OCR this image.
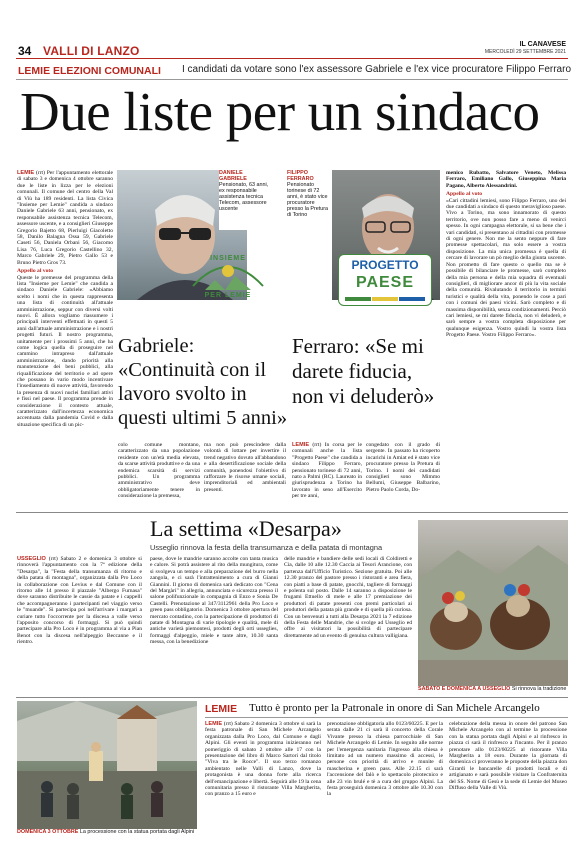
34 VALLI DI LANZO	IL CANAVESE
MERCOLEDÌ 29 SETTEMBRE 2021
LEMIE ELEZIONI COMUNALI I candidati da votare sono l'ex assessore Gabriele e l'ex vice procuratore Filippo Ferraro
Due liste per un sindaco
LEMIE (rrt) Per l'appuntamento elettorale di sabato 3 e domenica 4 ottobre saranno due le liste in lizza per le elezioni comunali. Il comune del centro della Val di Viù ha 189 residenti. La lista Civica "Insieme per Lemie" candida a sindaco Daniele Gabriele 63 anni, pensionato, ex responsabile assistenza tecnica Telecom, assessore uscente, e a consiglieri Giuseppe Gregorio Bajetto 68, Pierluigi Giacoletto 58, Danilo Balagna Ossa 59, Gabriele Caseti 56, Daniela Orbani 56, Giacomo Lisa 76, Luca Gregorio Castellino 32, Marco Gabriele 29, Pietro Gallo 53 e Bruno Pietro Gros 73.

Appello al voto
Queste le premesse del programma della lista "Insieme per Lemie" che candida a sindaco Daniele Gabriele: «Abbiamo scelto i nomi che in questa rappresenta una lista di continuità all'attuale amministrazione, seppur con diversi volti nuovi. È allora vogliamo riassumere i principali interventi effettuati in questi 5 anni dall'attuale amministrazione e i nostri progetti futuri. Il nostro programma, unitamente per i prossimi 5 anni, che ha come logica quella di proseguire nel cammino intrapreso dall'attuale amministrazione, dando priorità alla manutenzione dei beni pubblici, alla riqualificazione del territorio e ad opere che possano in vario modo incentivare l'insediamento di nuove attività, favorendo la presenza di nuovi nuclei familiari attivi e fissi nel paese. Il programma prende in considerazione il contesto attuale, caratterizzato dall'incertezza economica accentuata dalla pandemia Covid e dalla situazione specifica di un pic-
DANIELE GABRIELE
Pensionato, 63 anni, ex responsabile assistenza tecnica Telecom, assessore uscente
INSIEME
PER LEMIE
FILIPPO FERRARO
Pensionato torinese di 72 anni, è stato vice procuratore presso la Pretura di Torino
PROGETTO
PAESE
Gabriele: «Continuità con il lavoro svolto in questi ultimi 5 anni»
Ferraro: «Se mi darete fiducia, non vi deluderò»
colo comune montano, caratterizzato da una popolazione residente con un'età media elevata, da scarse attività produttive e da una endemica scarsità di servizi pubblici. Un programma amministrativo deve obbligatoriamente tenere in considerazione la premessa,
ma non può prescindere dalla volontà di lottare per invertire il trend negativo dovuto all'abbandono e alla desertificazione sociale della comunità, ponendosi l'obiettivo di rafforzare le risorse umane sociali, imprenditoriali ed ambientali presenti.
LEMIE (rrt) In corsa per le comunali anche la lista "Progetto Paese" che candida a sindaco Filippo Ferraro, pensionato torinese di 72 anni, nato a Palmi (RC). Laureato in giurisprudenza a Torino ha lavorato in seno all'Esercito per tre anni,
congedato con il grado di sergente. In passato ha ricoperto incarichi in Amiat ed è stato vice procuratore presso la Pretura di Torino. I nomi dei candidati consiglieri sono Mimmo Bellumi, Giuseppe Balbarino, Pietro Paolo Corda, Do-
menico Rubatto, Salvatore Veneto, Melissa Ferraro, Emiliano Gallo, Giuseppina Maria Pagano, Alberto Alessandrini.

Appello al voto
«Cari cittadini lemiesi, sono Filippo Ferraro, uno dei due candidati a sindaco di questo meraviglioso paese. Vivo a Torino, ma sono innamorato di questo territorio, ove non posso fare a meno di venirci spesso. In ogni campagna elettorale, si sa bene che i vari candidati, si presentano ai cittadini con promesse di ogni genere. Non me la sento neppure di fare promesse spettacolari, ma solo essere a vostra disposizione. La mia unica promessa è quella di cercare di lavorare un pò meglio della giunta uscente. Non prometto di fare questo o quello ma se è possibile di bilanciare le promesse, sarò completo della mia persona e della mia squadra di eventuali consiglieri, di migliorare ancor di più la vita sociale della comunità. Rivalutando il territorio in termini turistici e qualità della vita, ponendo le cose a pari con i comuni dei paesi vicini. Sarò completo e di massima disponibilità, senza condizionamenti. Perciò cari lemiesi, se mi darete fiducia, non vi deluderò, e sarò sempre a vostra completa disposizione per qualunque esigenza. Vostro quindi la vostra lista Progetto Paese. Vostro Filippo Ferraro».
La settima «Desarpa»
Usseglio rinnova la festa della transumanza e della patata di montagna
USSEGLIO (rrt) Sabato 2 e domenica 3 ottobre si rinnoverà l'appuntamento con la 7ª edizione della "Desarpa", la "Festa della transumanza di ritorno e della patata di montagna", organizzata dalla Pro Loco in collaborazione con Levius e dal Comune con il ritorno alle 14 presso il piazzale "Albergo Furnasa" dove saranno distribuite le cassie da patate e i cappelli che accompagneranno i partecipanti nel viaggio verso le "muande". Si partecipa poi nell'arrivare i margari a curiare tutto l'occorrente per la discesa a valle verso l'apposito concorso di formaggi. Si può quindi partecipare alla Pro Loco è in programma al via a Pian Benot con la discesa nell'alpeggio Beccanne e il rientro.
paese, dove le mandrie saranno accolte con tanta musica e calore. Si potrà assistere al rito della mungitura, come si svolgeva un tempo e alla preparazione del burro nella zangola, e ci sarà l'intrattenimento a cura di Gianni Giannini. Il giorno di domenica sarà dedicato con "Cena del Margàri" in allegria, annunciata e sicurezza presso il salone polifunzionale in compagnia di Enzo e Sonia De Castelli. Prenotazione al 347/3112961 della Pro Loco e green pass obbligatorio. Domenica 3 ottobre apertura del mercato contadino, con la partecipazione di produttori di patate di Montagna di varie tipologie e qualità, mele di antiche varietà piemontesi, prodotti degli orti usseglies, formaggi d'alpeggio, miele e tante altre, 10.30 santa messa, con la benedizione
delle mandrie e bandiere delle sedi locali di Coldiretti e Cia, dalle 10 alle 12.30 Caccia ai Tesori Arancione, con partenza dall'Ufficio Turistico. Sezione gratuita. Poi alle 12.30 pranzo del pastore presso i ristoranti e area fiera, con piatti a base di patate, gnocchi, tagliere di formaggi e polenta sul posto. Dalle 14 saranno a disposizione le frugami Ettuello di mele e alle 17 premiazione dei produttori di patate presenti con premi particolari ai produttori della patata più grande e di quella più curiosa. Con un benvenuti a tutti alla Desarpa 2021 la 7 edizione della Festa delle Mandrie, che si svolge ad Usseglio ed offre ai visitatori la possibilità di partecipare direttamente ad un evento di genuina cultura valligiana.
SABATO E DOMENICA A USSEGLIO Si rinnova la tradizione
DOMENICA 3 OTTOBRE La processione con la statua portata dagli Alpini
LEMIE Tutto è pronto per la Patronale in onore di San Michele Arcangelo
LEMIE (rrt) Sabato 2 domenica 3 ottobre si sarà la festa patronale di San Michele Arcangelo organizzata dalla Pro Loco, dal Comune e dagli Alpini. Gli eventi in programma inizieranno nel pomeriggio di sabato 2 ottobre alle 17 con la presentazione del libro di Marco Sartori dal titolo "Viva tra le Rocce". Il suo terzo romanzo ambientato nelle Valli di Lanzo, dove la protagonista è una donna forte alla ricerca dell'emancipazione e libertà. Seguirà alle 19 la cena comunitaria presso il ristorante Villa Margherita, con pranzo a 15 euro e
prenotazione obbligatoria allo 0123/60225. E per la serata dalle 21 ci sarà il concerto della Corale Vivante presso la chiesa parrocchiale di San Michele Arcangelo di Lemie. In seguito alle norme per l'emergenza sanitaria l'ingresso alla chiesa è limitato ad un numero massimo di accessi, le persone con priorità di arrivo e munite di mascherina e green pass. Alle 22.15 ci sarà l'accensione del falò e lo spettacolo pirotecnico e alle 23 vin brulé e tè a cura del gruppo Alpini. La festa proseguirà domenica 3 ottobre alle 10.30 con la
celebrazione della messa in onore del patrono San Michele Arcangelo con al termine la processione con la statua portata dagli Alpini e al rinfresco in piazza ci sarà il rinfresco a l'incanto. Per il pranzo prenotare allo 0123/60225 al ristorante Villa Margherita a 18 euro. Durante la giornata di domenica ci proveranno le proposte della piazza don Girardi le bancarelle di prodotti locali e di artigianato e sarà possibile visitare la Confraternita del SS. Nome di Gesù e la sede di Lemie del Museo Diffuso della Valle di Viù.
